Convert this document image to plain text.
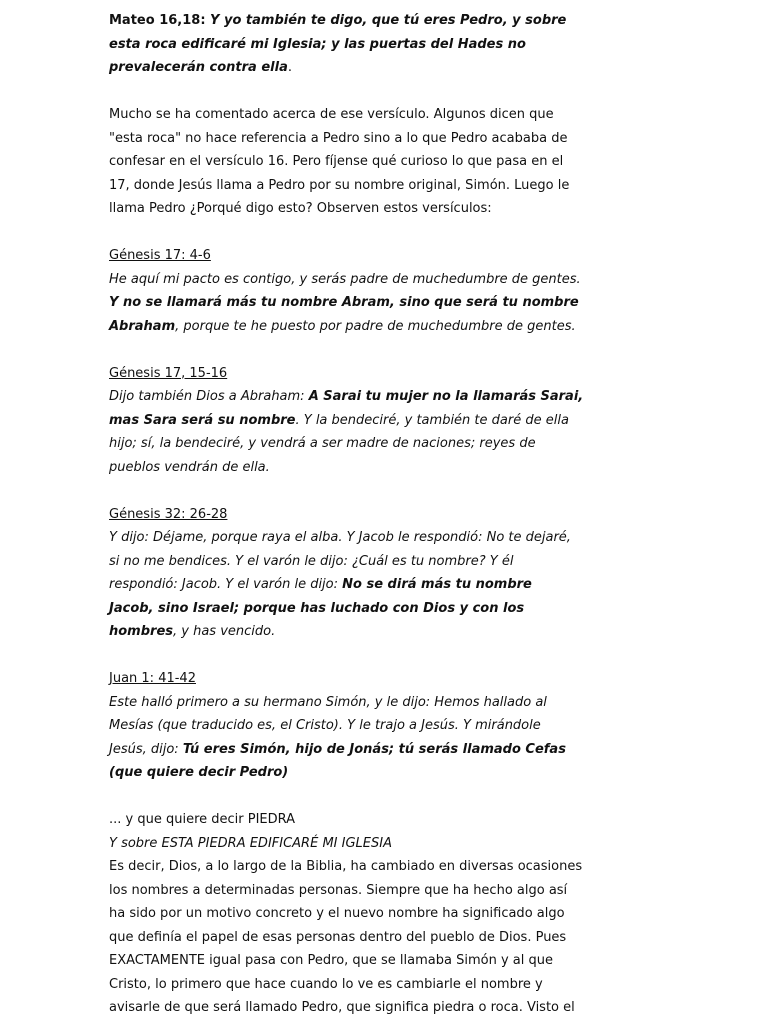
Mateo 16,18: Y yo también te digo, que tú eres Pedro, y sobre
esta roca edificaré mi Iglesia; y las puertas del Hades no
prevalecerán contra ella.
Mucho se ha comentado acerca de ese versículo. Algunos dicen que
"esta roca" no hace referencia a Pedro sino a lo que Pedro acababa de
confesar en el versículo 16. Pero fíjense qué curioso lo que pasa en el
17, donde Jesús llama a Pedro por su nombre original, Simón. Luego le
llama Pedro ¿Porqué digo esto? Observen estos versículos:
Génesis 17: 4-6
He aquí mi pacto es contigo, y serás padre de muchedumbre de gentes.
Y no se llamará más tu nombre Abram, sino que será tu nombre
Abraham, porque te he puesto por padre de muchedumbre de gentes.
Génesis 17, 15-16
Dijo también Dios a Abraham: A Sarai tu mujer no la llamarás Sarai,
mas Sara será su nombre. Y la bendeciré, y también te daré de ella
hijo; sí, la bendeciré, y vendrá a ser madre de naciones; reyes de
pueblos vendrán de ella.
Génesis 32: 26-28
Y dijo: Déjame, porque raya el alba. Y Jacob le respondió: No te dejaré,
si no me bendices. Y el varón le dijo: ¿Cuál es tu nombre? Y él
respondió: Jacob. Y el varón le dijo: No se dirá más tu nombre
Jacob, sino Israel; porque has luchado con Dios y con los
hombres, y has vencido.
Juan 1: 41-42
Este halló primero a su hermano Simón, y le dijo: Hemos hallado al
Mesías (que traducido es, el Cristo). Y le trajo a Jesús. Y mirándole
Jesús, dijo: Tú eres Simón, hijo de Jonás; tú serás llamado Cefas
(que quiere decir Pedro)
... y que quiere decir PIEDRA
Y sobre ESTA PIEDRA EDIFICARÉ MI IGLESIA
Es decir, Dios, a lo largo de la Biblia, ha cambiado en diversas ocasiones
los nombres a determinadas personas. Siempre que ha hecho algo así
ha sido por un motivo concreto y el nuevo nombre ha significado algo
que definía el papel de esas personas dentro del pueblo de Dios. Pues
EXACTAMENTE igual pasa con Pedro, que se llamaba Simón y al que
Cristo, lo primero que hace cuando lo ve es cambiarle el nombre y
avisarle de que será llamado Pedro, que significa piedra o roca. Visto el
